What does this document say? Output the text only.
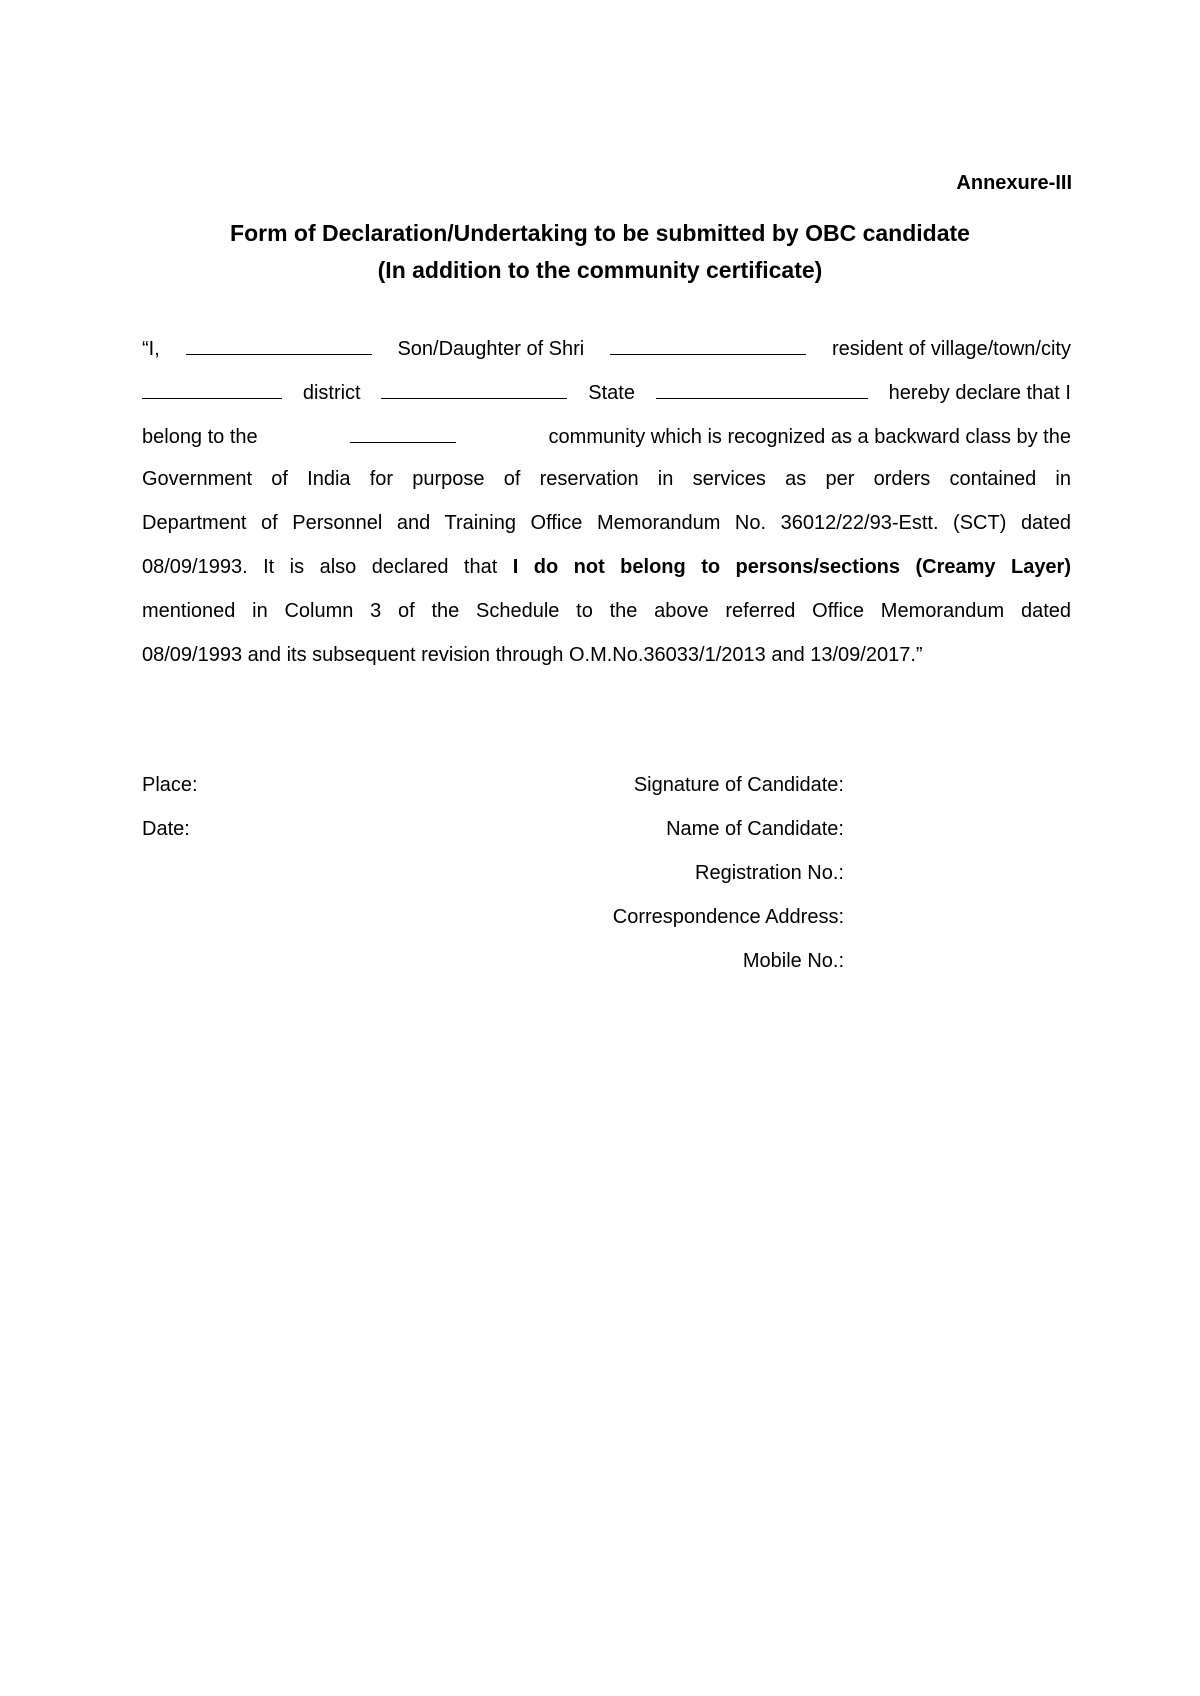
Annexure-III
Form of Declaration/Undertaking to be submitted by OBC candidate
(In addition to the community certificate)
“I,	Son/Daughter of Shri	resident of village/town/city
district	State	hereby declare that I
belong to the	community which is recognized as a backward class by the
Government of India for purpose of reservation in services as per orders contained in
Department of Personnel and Training Office Memorandum No. 36012/22/93-Estt. (SCT) dated
08/09/1993. It is also declared that I do not belong to persons/sections (Creamy Layer)
mentioned in Column 3 of the Schedule to the above referred Office Memorandum dated
08/09/1993 and its subsequent revision through O.M.No.36033/1/2013 and 13/09/2017.”
Place:
Date:
Signature of Candidate:
Name of Candidate:
Registration No.:
Correspondence Address:
Mobile No.:
